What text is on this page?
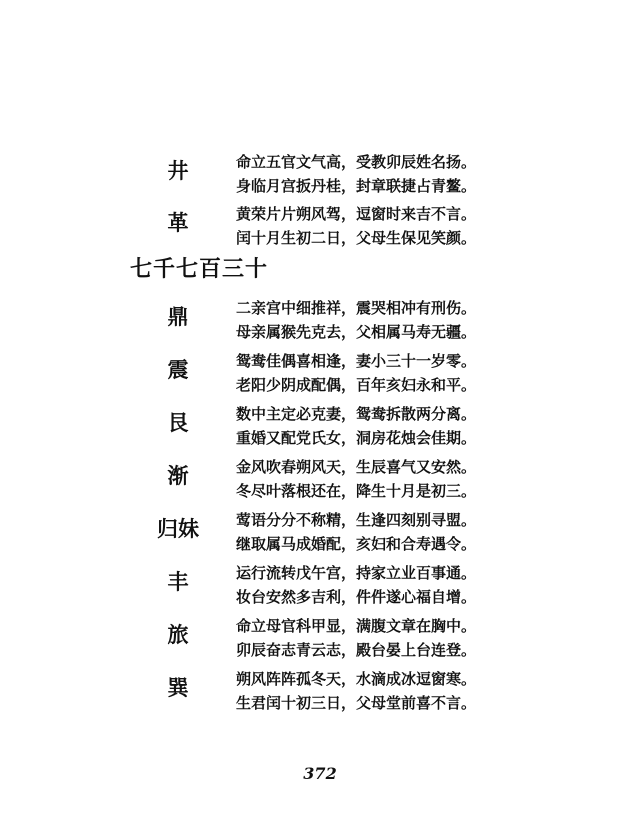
井	命立五官文气高，受教卯辰姓名扬。
身临月宫扳丹桂，封章联捷占青鳌。
革	黄荣片片朔风驾，逗窗时来吉不言。
闰十月生初二日，父母生保见笑颜。
七千七百三十
鼎	二亲宫中细推祥，震哭相冲有刑伤。
母亲属猴先克去，父相属马寿无疆。
震	鸳鸯佳偶喜相逢，妻小三十一岁零。
老阳少阴成配偶，百年亥妇永和平。
艮	数中主定必克妻，鸳鸯拆散两分离。
重婚又配党氏女，洞房花烛会佳期。
渐	金风吹春朔风天，生辰喜气又安然。
冬尽叶落根还在，降生十月是初三。
归妹	莺语分分不称精，生逢四刻别寻盟。
继取属马成婚配，亥妇和合寿遇令。
丰	运行流转戊午宫，持家立业百事通。
妆台安然多吉利，件件遂心福自增。
旅	命立母官科甲显，满腹文章在胸中。
卯辰奋志青云志，殿台晏上台连登。
巽	朔风阵阵孤冬天，水滴成冰逗窗寒。
生君闰十初三日，父母堂前喜不言。
372
